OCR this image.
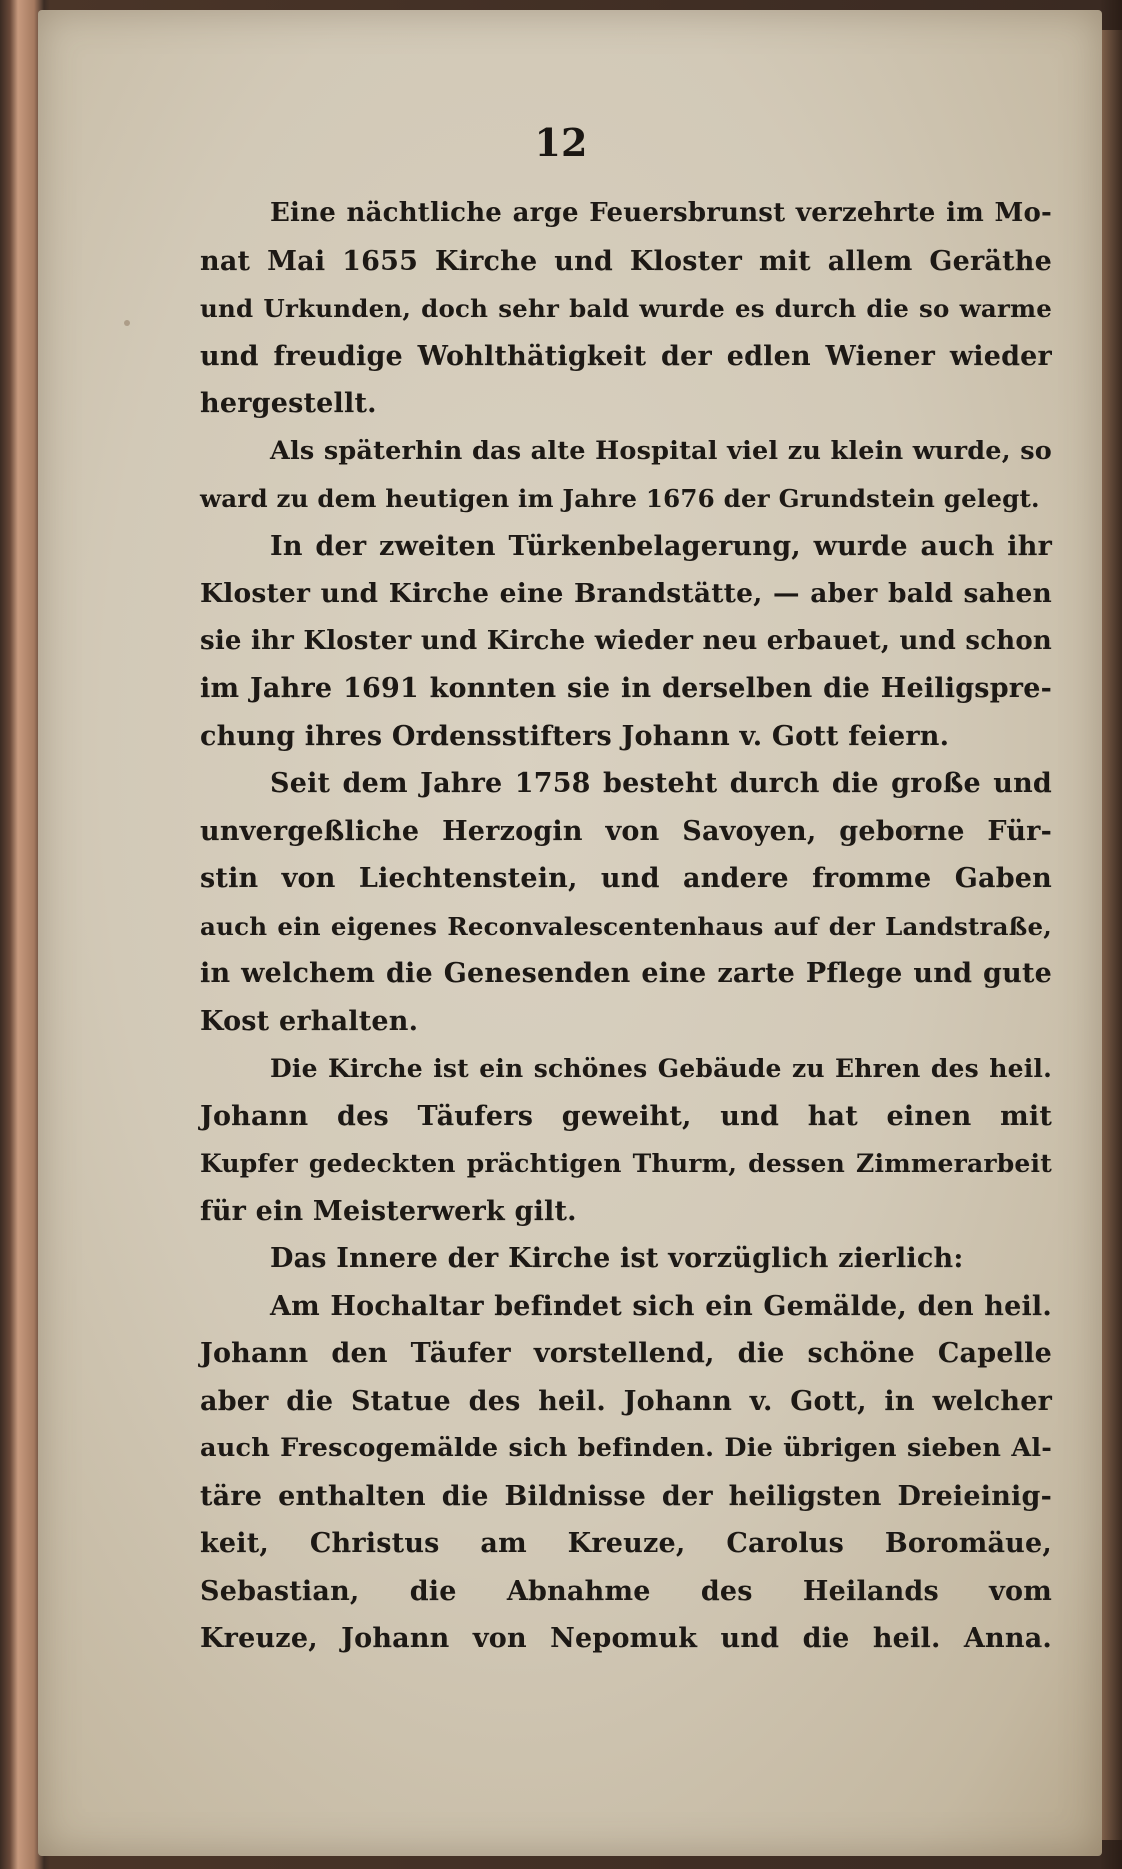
12
Eine nächtliche arge Feuersbrunst verzehrte im Mo-
nat Mai 1655 Kirche und Kloster mit allem Geräthe
und Urkunden, doch sehr bald wurde es durch die so warme
und freudige Wohlthätigkeit der edlen Wiener wieder
hergestellt.
Als späterhin das alte Hospital viel zu klein wurde, so
ward zu dem heutigen im Jahre 1676 der Grundstein gelegt.
In der zweiten Türkenbelagerung, wurde auch ihr
Kloster und Kirche eine Brandstätte, — aber bald sahen
sie ihr Kloster und Kirche wieder neu erbauet, und schon
im Jahre 1691 konnten sie in derselben die Heiligspre-
chung ihres Ordensstifters Johann v. Gott feiern.
Seit dem Jahre 1758 besteht durch die große und
unvergeßliche Herzogin von Savoyen, geborne Für-
stin von Liechtenstein, und andere fromme Gaben
auch ein eigenes Reconvalescentenhaus auf der Landstraße,
in welchem die Genesenden eine zarte Pflege und gute
Kost erhalten.
Die Kirche ist ein schönes Gebäude zu Ehren des heil.
Johann des Täufers geweiht, und hat einen mit
Kupfer gedeckten prächtigen Thurm, dessen Zimmerarbeit
für ein Meisterwerk gilt.
Das Innere der Kirche ist vorzüglich zierlich:
Am Hochaltar befindet sich ein Gemälde, den heil.
Johann den Täufer vorstellend, die schöne Capelle
aber die Statue des heil. Johann v. Gott, in welcher
auch Frescogemälde sich befinden. Die übrigen sieben Al-
täre enthalten die Bildnisse der heiligsten Dreieinig-
keit, Christus am Kreuze, Carolus Boromäue,
Sebastian, die Abnahme des Heilands vom
Kreuze, Johann von Nepomuk und die heil. Anna.
